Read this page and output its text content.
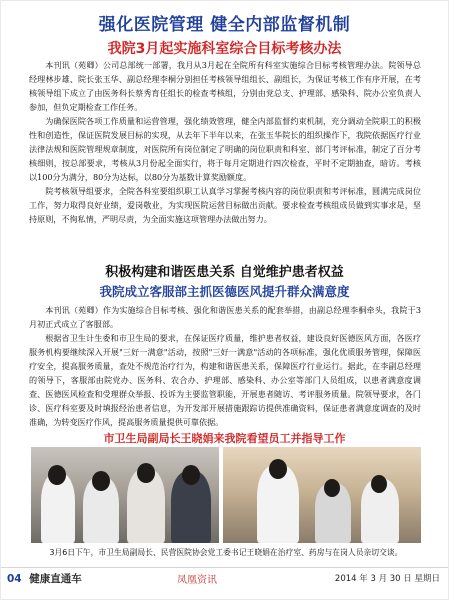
强化医院管理 健全内部监督机制
我院3月起实施科室综合目标考核办法

本刊讯（苑卿）公司总部统一部署，我月从3月起在全院所有科室实施综合目标考核管理办法。院领导总经理林步雄、院长张玉华、副总经理李桐分别担任考核领导组组长、副组长，为保证考核工作有序开展，在考核领导组下成立了由医务科长蔡秀育任组长的检查考核组，分别由党总支、护理部、感染科、院办公室负责人参加，但负定期检查工作任务。

为确保医院各项工作质量和运营管理，强化绩效管理，健全内部监督约束机制，充分调动全院职工的积极性和创造性，保证医院发展目标的实现，从去年下半年以来，在张玉华院长的组织操作下，我院依据医疗行业法律法规和医院管理规章制度，对医院所有岗位制定了明确的岗位职责和科室、部门考评标准，制定了百分考核细则，按总部要求，考核从3月份起全面实行，将于每月定期进行四次检查，平时不定期抽查，暗访。考核以100分为满分，80分为达标，以80分为基数计算奖励额度。

院考核领导组要求，全院各科室要组织职工认真学习掌握考核内容的岗位职责和考评标准，圆满完成岗位工作，努力取得良好业绩，爱岗敬业，为实现医院运营目标做出贡献。要求检查考核组成员做到实事求是，坚持原则，不徇私情，严明尽责，为全面实施这项管理办法做出努力。

积极构建和谐医患关系 自觉维护患者权益
我院成立客服部主抓医德医风提升群众满意度

本刊讯（苑卿）作为实施综合目标考核、强化和谐医患关系的配套举措，由副总经理李桐牵头，我院于3月初正式成立了客服部。

根据省卫生计生委和市卫生局的要求，在保证医疗质量，维护患者权益，建设良好医德医风方面，各医疗服务机构要继续深入开展"三好一满意"活动，按照"三好一满意"活动的各项标准，强化优质服务管理，保障医疗安全，提高服务质量，查处不规范治疗行为，构建和谐医患关系，保障医疗行业运行。据此，在李副总经理的领导下，客服部由院党办、医务科、农合办、护理部、感染科、办公室等部门人员组成，以患者满意度调查、医德医风检查和受理群众举报、投诉为主要监管职能，开展患者随访、考评服务质量。院领导要求，各门诊、医疗科室要及时填报经治患者信息，为开发部开展措施跟踪访提供准确资料，保证患者满意度调查的及时准确，为转变医疗作风，提高服务质量提供可靠依据。

市卫生局副局长王晓娟来我院看望员工并指导工作
3月6日下午，市卫生局副局长、民营医院协会党工委书记王晓娟在治疗室、药房与在岗人员亲切交谈。
04 健康直通车	凤凰资讯	2014 年 3 月 30 日 星期日
